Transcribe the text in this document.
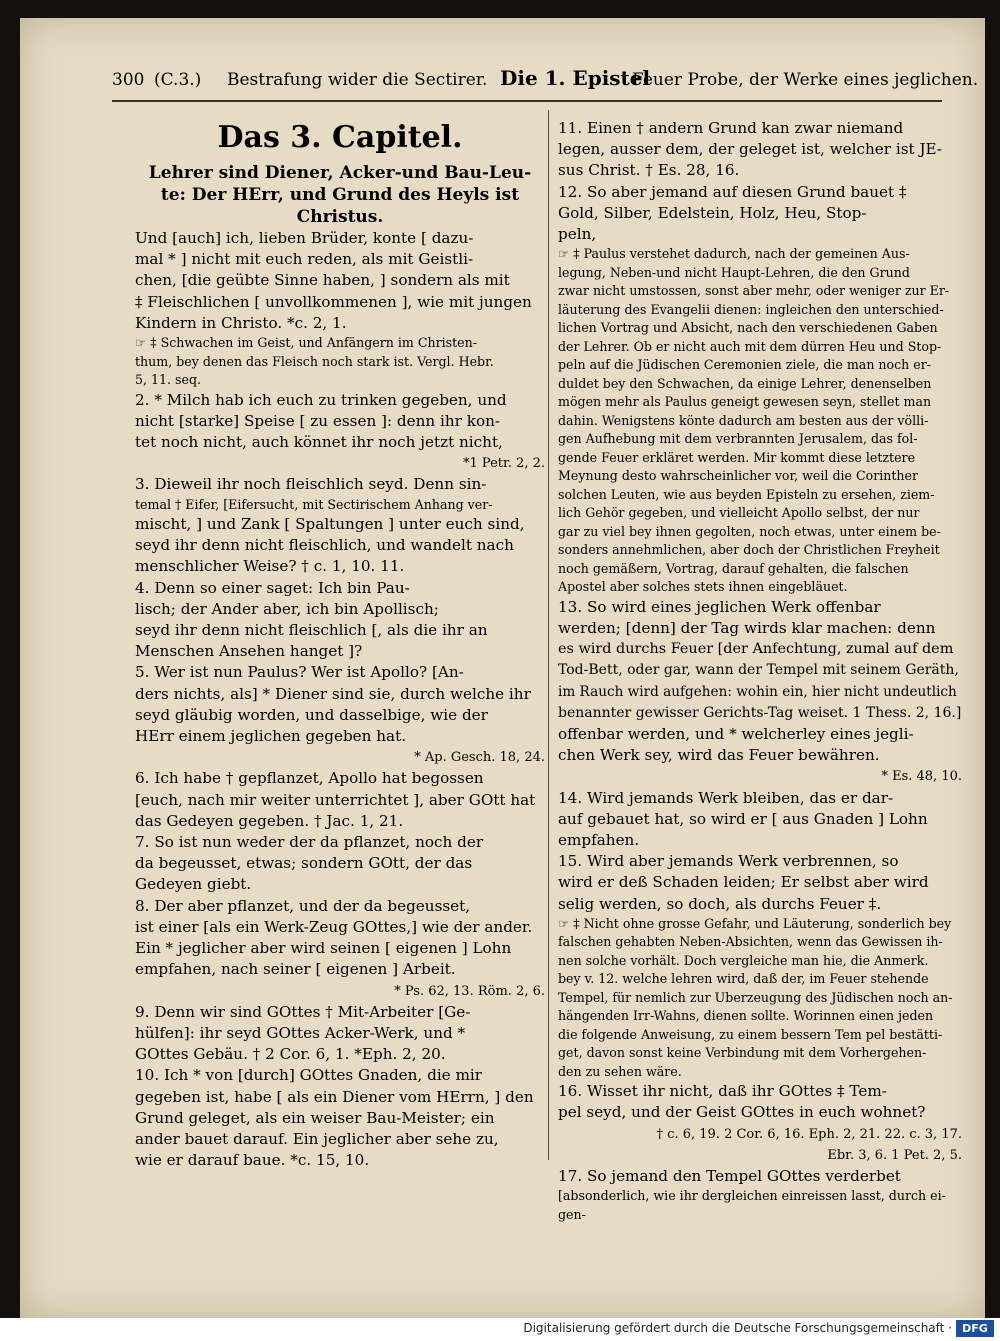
300 (C.3.) Bestrafung wider die Sectirer. Die 1. Epistel
Feuer Probe, der Werke eines jeglichen.

Das 3. Capitel.

Lehrer sind Diener, Acker-und Bau-Leu-

te: Der HErr, und Grund des Heyls ist

Christus.

Und [auch] ich, lieben Brüder, konte [ dazu-

mal * ] nicht mit euch reden, als mit Geistli-

chen, [die geübte Sinne haben, ] sondern als mit

‡ Fleischlichen [ unvollkommenen ], wie mit jungen

Kindern in Christo. *c. 2, 1.

☞ ‡ Schwachen im Geist, und Anfängern im Christen-

thum, bey denen das Fleisch noch stark ist. Vergl. Hebr.

5, 11. seq.

2. * Milch hab ich euch zu trinken gegeben, und

nicht [starke] Speise [ zu essen ]: denn ihr kon-

tet noch nicht, auch könnet ihr noch jetzt nicht,

*1 Petr. 2, 2.

3. Dieweil ihr noch fleischlich seyd. Denn sin-

temal † Eifer, [Eifersucht, mit Sectirischem Anhang ver-

mischt, ] und Zank [ Spaltungen ] unter euch sind,

seyd ihr denn nicht fleischlich, und wandelt nach

menschlicher Weise? † c. 1, 10. 11.

4. Denn so einer saget: Ich bin Pau-

lisch; der Ander aber, ich bin Apollisch;

seyd ihr denn nicht fleischlich [, als die ihr an

Menschen Ansehen hanget ]?

5. Wer ist nun Paulus? Wer ist Apollo? [An-

ders nichts, als] * Diener sind sie, durch welche ihr

seyd gläubig worden, und dasselbige, wie der

HErr einem jeglichen gegeben hat.

* Ap. Gesch. 18, 24.

6. Ich habe † gepflanzet, Apollo hat begossen

[euch, nach mir weiter unterrichtet ], aber GOtt hat

das Gedeyen gegeben. † Jac. 1, 21.

7. So ist nun weder der da pflanzet, noch der

da begeusset, etwas; sondern GOtt, der das

Gedeyen giebt.

8. Der aber pflanzet, und der da begeusset,

ist einer [als ein Werk-Zeug GOttes,] wie der ander.

Ein * jeglicher aber wird seinen [ eigenen ] Lohn

empfahen, nach seiner [ eigenen ] Arbeit.

* Ps. 62, 13. Röm. 2, 6.

9. Denn wir sind GOttes † Mit-Arbeiter [Ge-

hülfen]: ihr seyd GOttes Acker-Werk, und *

GOttes Gebäu. † 2 Cor. 6, 1. *Eph. 2, 20.

10. Ich * von [durch] GOttes Gnaden, die mir

gegeben ist, habe [ als ein Diener vom HErrn, ] den

Grund geleget, als ein weiser Bau-Meister; ein

ander bauet darauf. Ein jeglicher aber sehe zu,

wie er darauf baue. *c. 15, 10.

11. Einen † andern Grund kan zwar niemand

legen, ausser dem, der geleget ist, welcher ist JE-

sus Christ. † Es. 28, 16.

12. So aber jemand auf diesen Grund bauet ‡

Gold, Silber, Edelstein, Holz, Heu, Stop-

peln,

☞ ‡ Paulus verstehet dadurch, nach der gemeinen Aus-

legung, Neben-und nicht Haupt-Lehren, die den Grund

zwar nicht umstossen, sonst aber mehr, oder weniger zur Er-

läuterung des Evangelii dienen: ingleichen den unterschied-

lichen Vortrag und Absicht, nach den verschiedenen Gaben

der Lehrer. Ob er nicht auch mit dem dürren Heu und Stop-

peln auf die Jüdischen Ceremonien ziele, die man noch er-

duldet bey den Schwachen, da einige Lehrer, denenselben

mögen mehr als Paulus geneigt gewesen seyn, stellet man

dahin. Wenigstens könte dadurch am besten aus der völli-

gen Aufhebung mit dem verbrannten Jerusalem, das fol-

gende Feuer erkläret werden. Mir kommt diese letztere

Meynung desto wahrscheinlicher vor, weil die Corinther

solchen Leuten, wie aus beyden Episteln zu ersehen, ziem-

lich Gehör gegeben, und vielleicht Apollo selbst, der nur

gar zu viel bey ihnen gegolten, noch etwas, unter einem be-

sonders annehmlichen, aber doch der Christlichen Freyheit

noch gemäßern, Vortrag, darauf gehalten, die falschen

Apostel aber solches stets ihnen eingebläuet.

13. So wird eines jeglichen Werk offenbar

werden; [denn] der Tag wirds klar machen: denn

es wird durchs Feuer [der Anfechtung, zumal auf dem

Tod-Bett, oder gar, wann der Tempel mit seinem Geräth,

im Rauch wird aufgehen: wohin ein, hier nicht undeutlich

benannter gewisser Gerichts-Tag weiset. 1 Thess. 2, 16.]

offenbar werden, und * welcherley eines jegli-

chen Werk sey, wird das Feuer bewähren.

* Es. 48, 10.

14. Wird jemands Werk bleiben, das er dar-

auf gebauet hat, so wird er [ aus Gnaden ] Lohn

empfahen.

15. Wird aber jemands Werk verbrennen, so

wird er deß Schaden leiden; Er selbst aber wird

selig werden, so doch, als durchs Feuer ‡.

☞ ‡ Nicht ohne grosse Gefahr, und Läuterung, sonderlich bey

falschen gehabten Neben-Absichten, wenn das Gewissen ih-

nen solche vorhält. Doch vergleiche man hie, die Anmerk.

bey v. 12. welche lehren wird, daß der, im Feuer stehende

Tempel, für nemlich zur Uberzeugung des Jüdischen noch an-

hängenden Irr-Wahns, dienen sollte. Worinnen einen jeden

die folgende Anweisung, zu einem bessern Tem pel bestätti-

get, davon sonst keine Verbindung mit dem Vorhergehen-

den zu sehen wäre.

16. Wisset ihr nicht, daß ihr GOttes ‡ Tem-

pel seyd, und der Geist GOttes in euch wohnet?

† c. 6, 19. 2 Cor. 6, 16. Eph. 2, 21. 22. c. 3, 17.

Ebr. 3, 6. 1 Pet. 2, 5.

17. So jemand den Tempel GOttes verderbet

[absonderlich, wie ihr dergleichen einreissen lasst, durch ei-

gen-

Digitalisierung gefördert durch die Deutsche Forschungsgemeinschaft · DFG
